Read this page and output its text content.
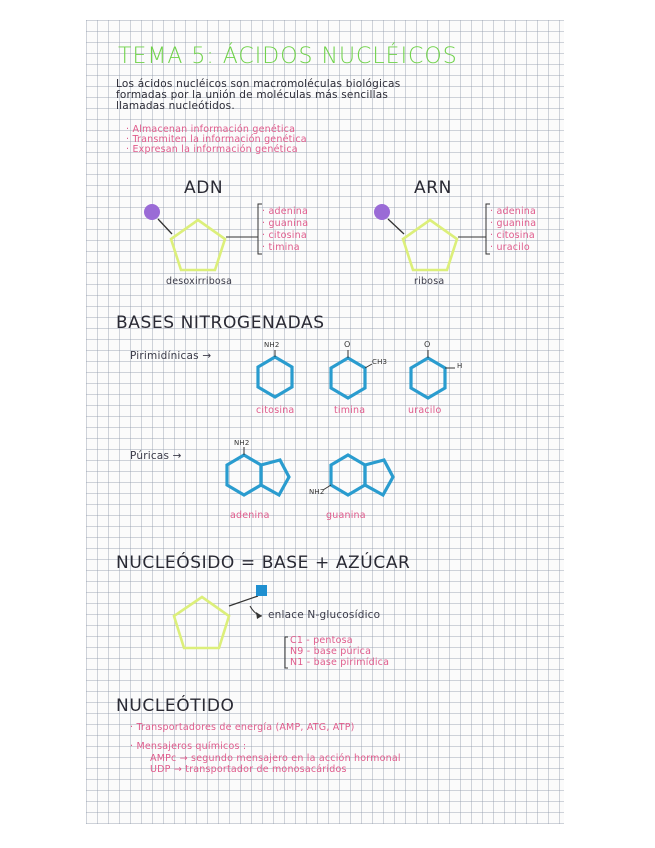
TEMA 5: ÁCIDOS NUCLÉICOS
Los ácidos nucléicos son macromoléculas biológicas
formadas por la unión de moléculas más sencillas
llamadas nucleótidos.
· Almacenan información genética
· Transmiten la información genética
· Expresan la información genética
ADN
· adenina
· guanina
· citosina
· timina
desoxirribosa
ARN
· adenina
· guanina
· citosina
· uracilo
ribosa
BASES NITROGENADAS
Pirimidínicas →
NH2	O
CH3
O
H
citosina	timina	uracilo
Púricas →
NH2
NH2
adenina	guanina
NUCLEÓSIDO = BASE + AZÚCAR
enlace N-glucosídico
C1 - pentosa
N9 - base púrica
N1 - base pirimídica
NUCLEÓTIDO
· Transportadores de energía (AMP, ATG, ATP)
· Mensajeros químicos :
AMPc → segundo mensajero en la acción hormonal
UDP → transportador de monosacáridos
